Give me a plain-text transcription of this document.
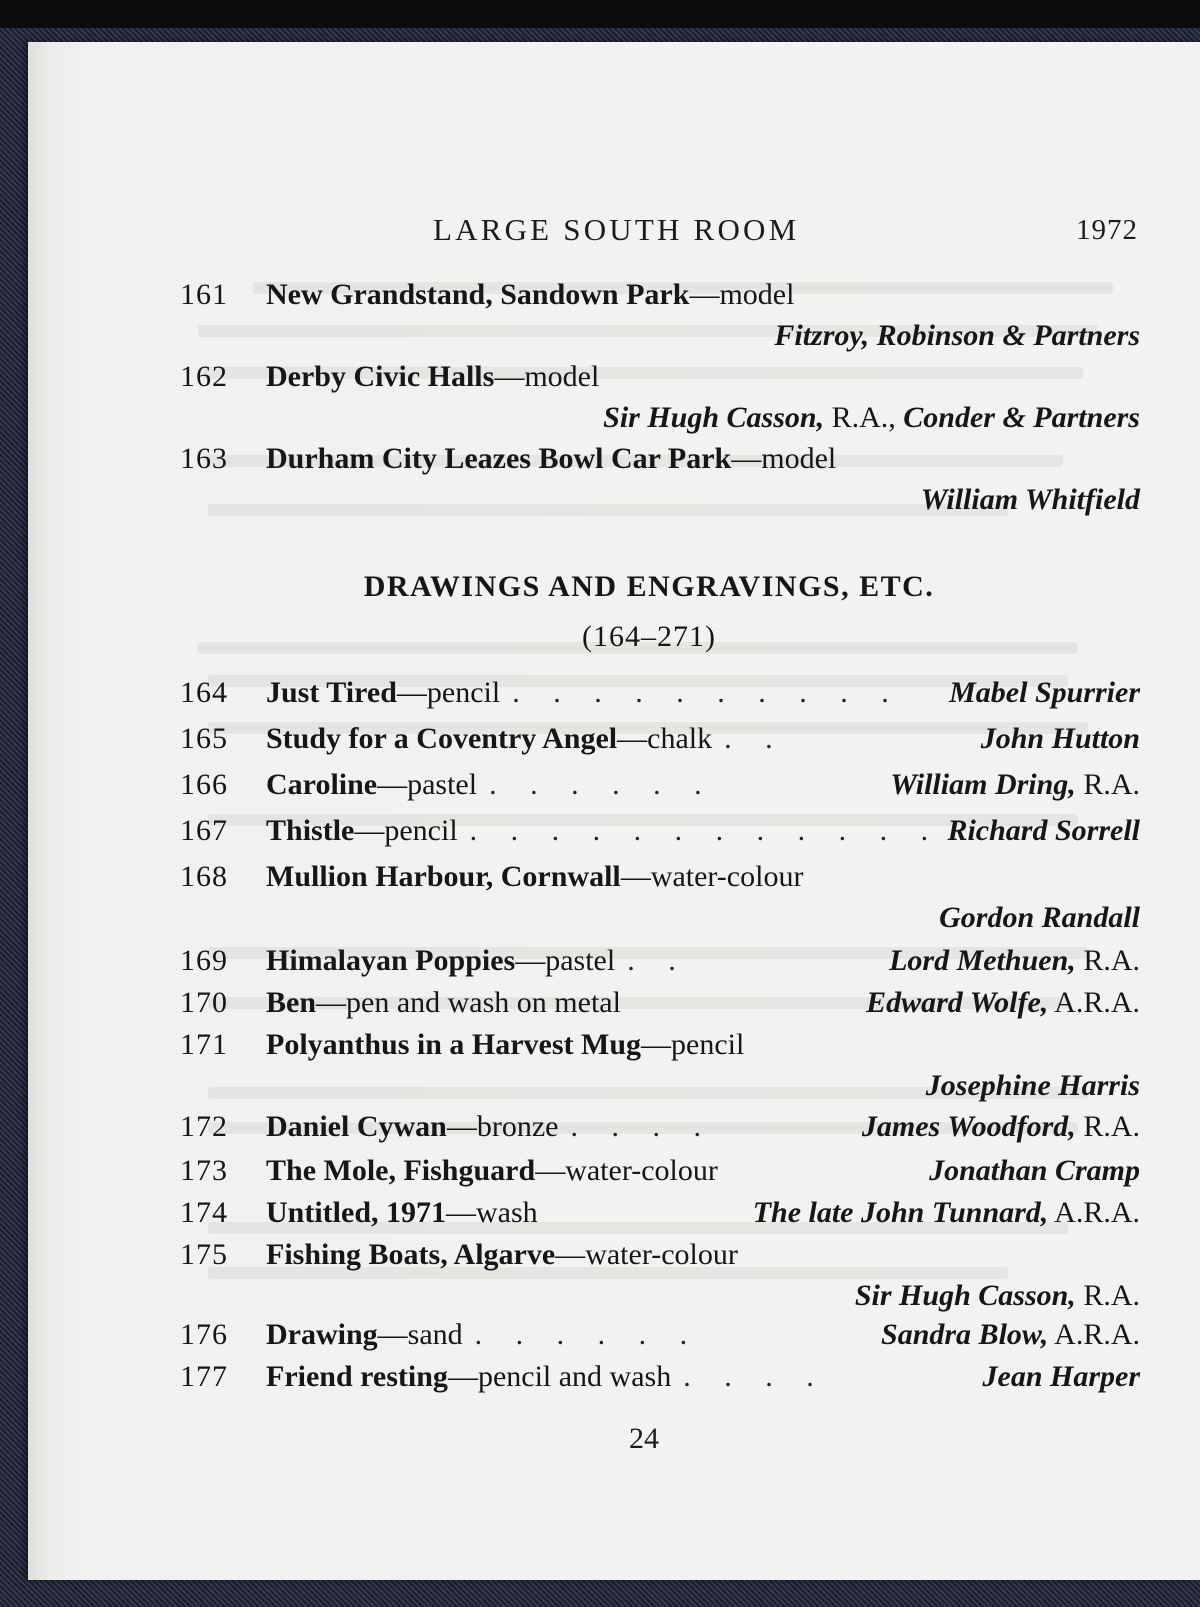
LARGE SOUTH ROOM	1972
161	New Grandstand, Sandown Park —model
Fitzroy, Robinson & Partners
162	Derby Civic Halls —model
Sir Hugh Casson, R.A., Conder & Partners
163	Durham City Leazes Bowl Car Park —model
William Whitfield
DRAWINGS AND ENGRAVINGS, ETC.
(164–271)
164	Just Tired —pencil . . . . . . . . . .	Mabel Spurrier
165	Study for a Coventry Angel —chalk . .	John Hutton
166	Caroline —pastel . . . . . .	William Dring, R.A.
167	Thistle —pencil . . . . . . . . . . . . Richard Sorrell
168	Mullion Harbour, Cornwall —water-colour
Gordon Randall
169	Himalayan Poppies —pastel . .	Lord Methuen, R.A.
170	Ben —pen and wash on metal	Edward Wolfe, A.R.A.
171	Polyanthus in a Harvest Mug —pencil
Josephine Harris
172	Daniel Cywan —bronze . . . .	James Woodford, R.A.
173	The Mole, Fishguard —water-colour	Jonathan Cramp
174	Untitled, 1971 —wash	The late John Tunnard, A.R.A.
175	Fishing Boats, Algarve —water-colour
Sir Hugh Casson, R.A.
176	Drawing —sand . . . . . .	Sandra Blow, A.R.A.
177	Friend resting —pencil and wash . . . .	Jean Harper
24
